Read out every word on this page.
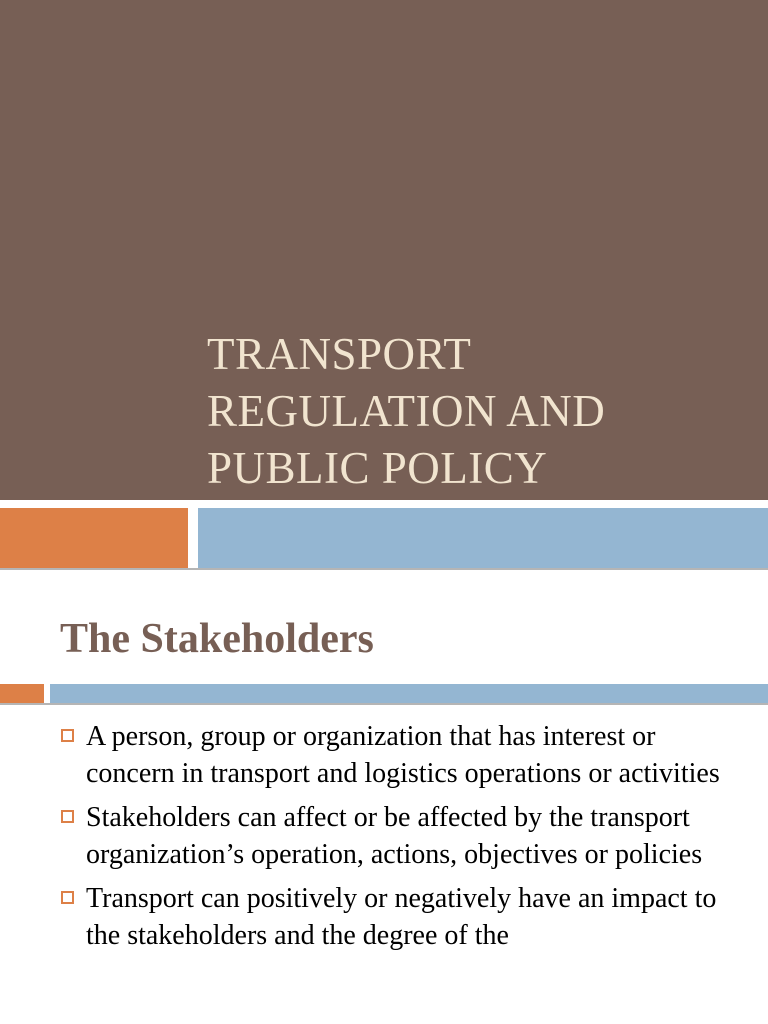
TRANSPORT
REGULATION AND
PUBLIC POLICY
The Stakeholders
A person, group or organization that has interest or concern in transport and logistics operations or activities
Stakeholders can affect or be affected by the transport organization’s operation, actions, objectives or policies
Transport can positively or negatively have an impact to the stakeholders and the degree of the
